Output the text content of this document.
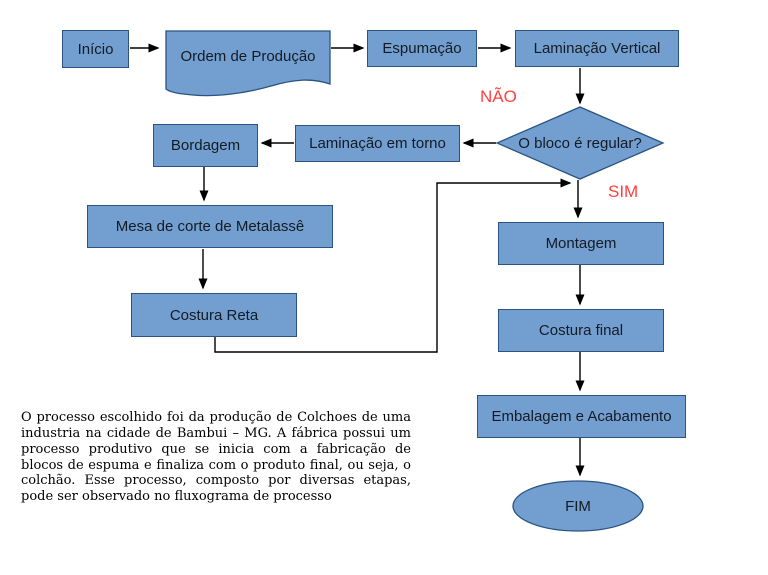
Início	Espumação	Laminação Vertical
Bordagem	Laminação em torno
Mesa de corte de Metalassê
Costura Reta
Montagem
Costura final
Embalagem e Acabamento
Ordem de Produção
O bloco é regular?
FIM
NÃO
SIM
O processo escolhido foi da produção de Colchoes de uma industria na cidade de Bambui – MG. A fábrica possui um processo produtivo que se inicia com a fabricação de blocos de espuma e finaliza com o produto final, ou seja, o colchão. Esse processo, composto por diversas etapas, pode ser observado no fluxograma de processo
